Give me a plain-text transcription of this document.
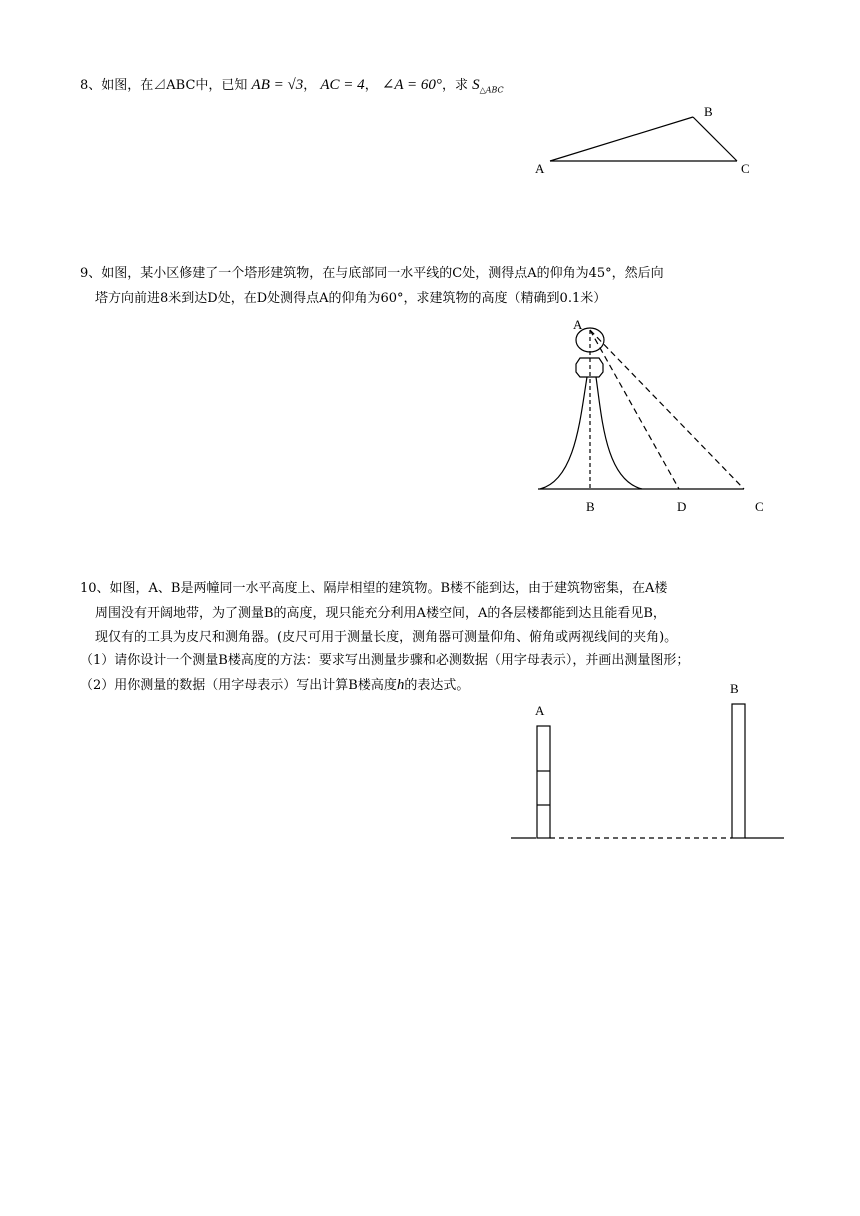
8、如图，在⊿ABC中，已知 AB = √3， AC = 4， ∠A = 60°，求 $S_{\triangle ABC}$
B
A	C
9、如图，某小区修建了一个塔形建筑物，在与底部同一水平线的C处，测得点A的仰角为45°，然后向
塔方向前进8米到达D处，在D处测得点A的仰角为60°，求建筑物的高度（精确到0.1米）
A
B	D	C
10、如图，A、B是两幢同一水平高度上、隔岸相望的建筑物。B楼不能到达，由于建筑物密集，在A楼
周围没有开阔地带，为了测量B的高度，现只能充分利用A楼空间，A的各层楼都能到达且能看见B，
现仅有的工具为皮尺和测角器。(皮尺可用于测量长度，测角器可测量仰角、俯角或两视线间的夹角)。
（1）请你设计一个测量B楼高度的方法：要求写出测量步骤和必测数据（用字母表示），并画出测量图形；
（2）用你测量的数据（用字母表示）写出计算B楼高度h的表达式。
A
B
